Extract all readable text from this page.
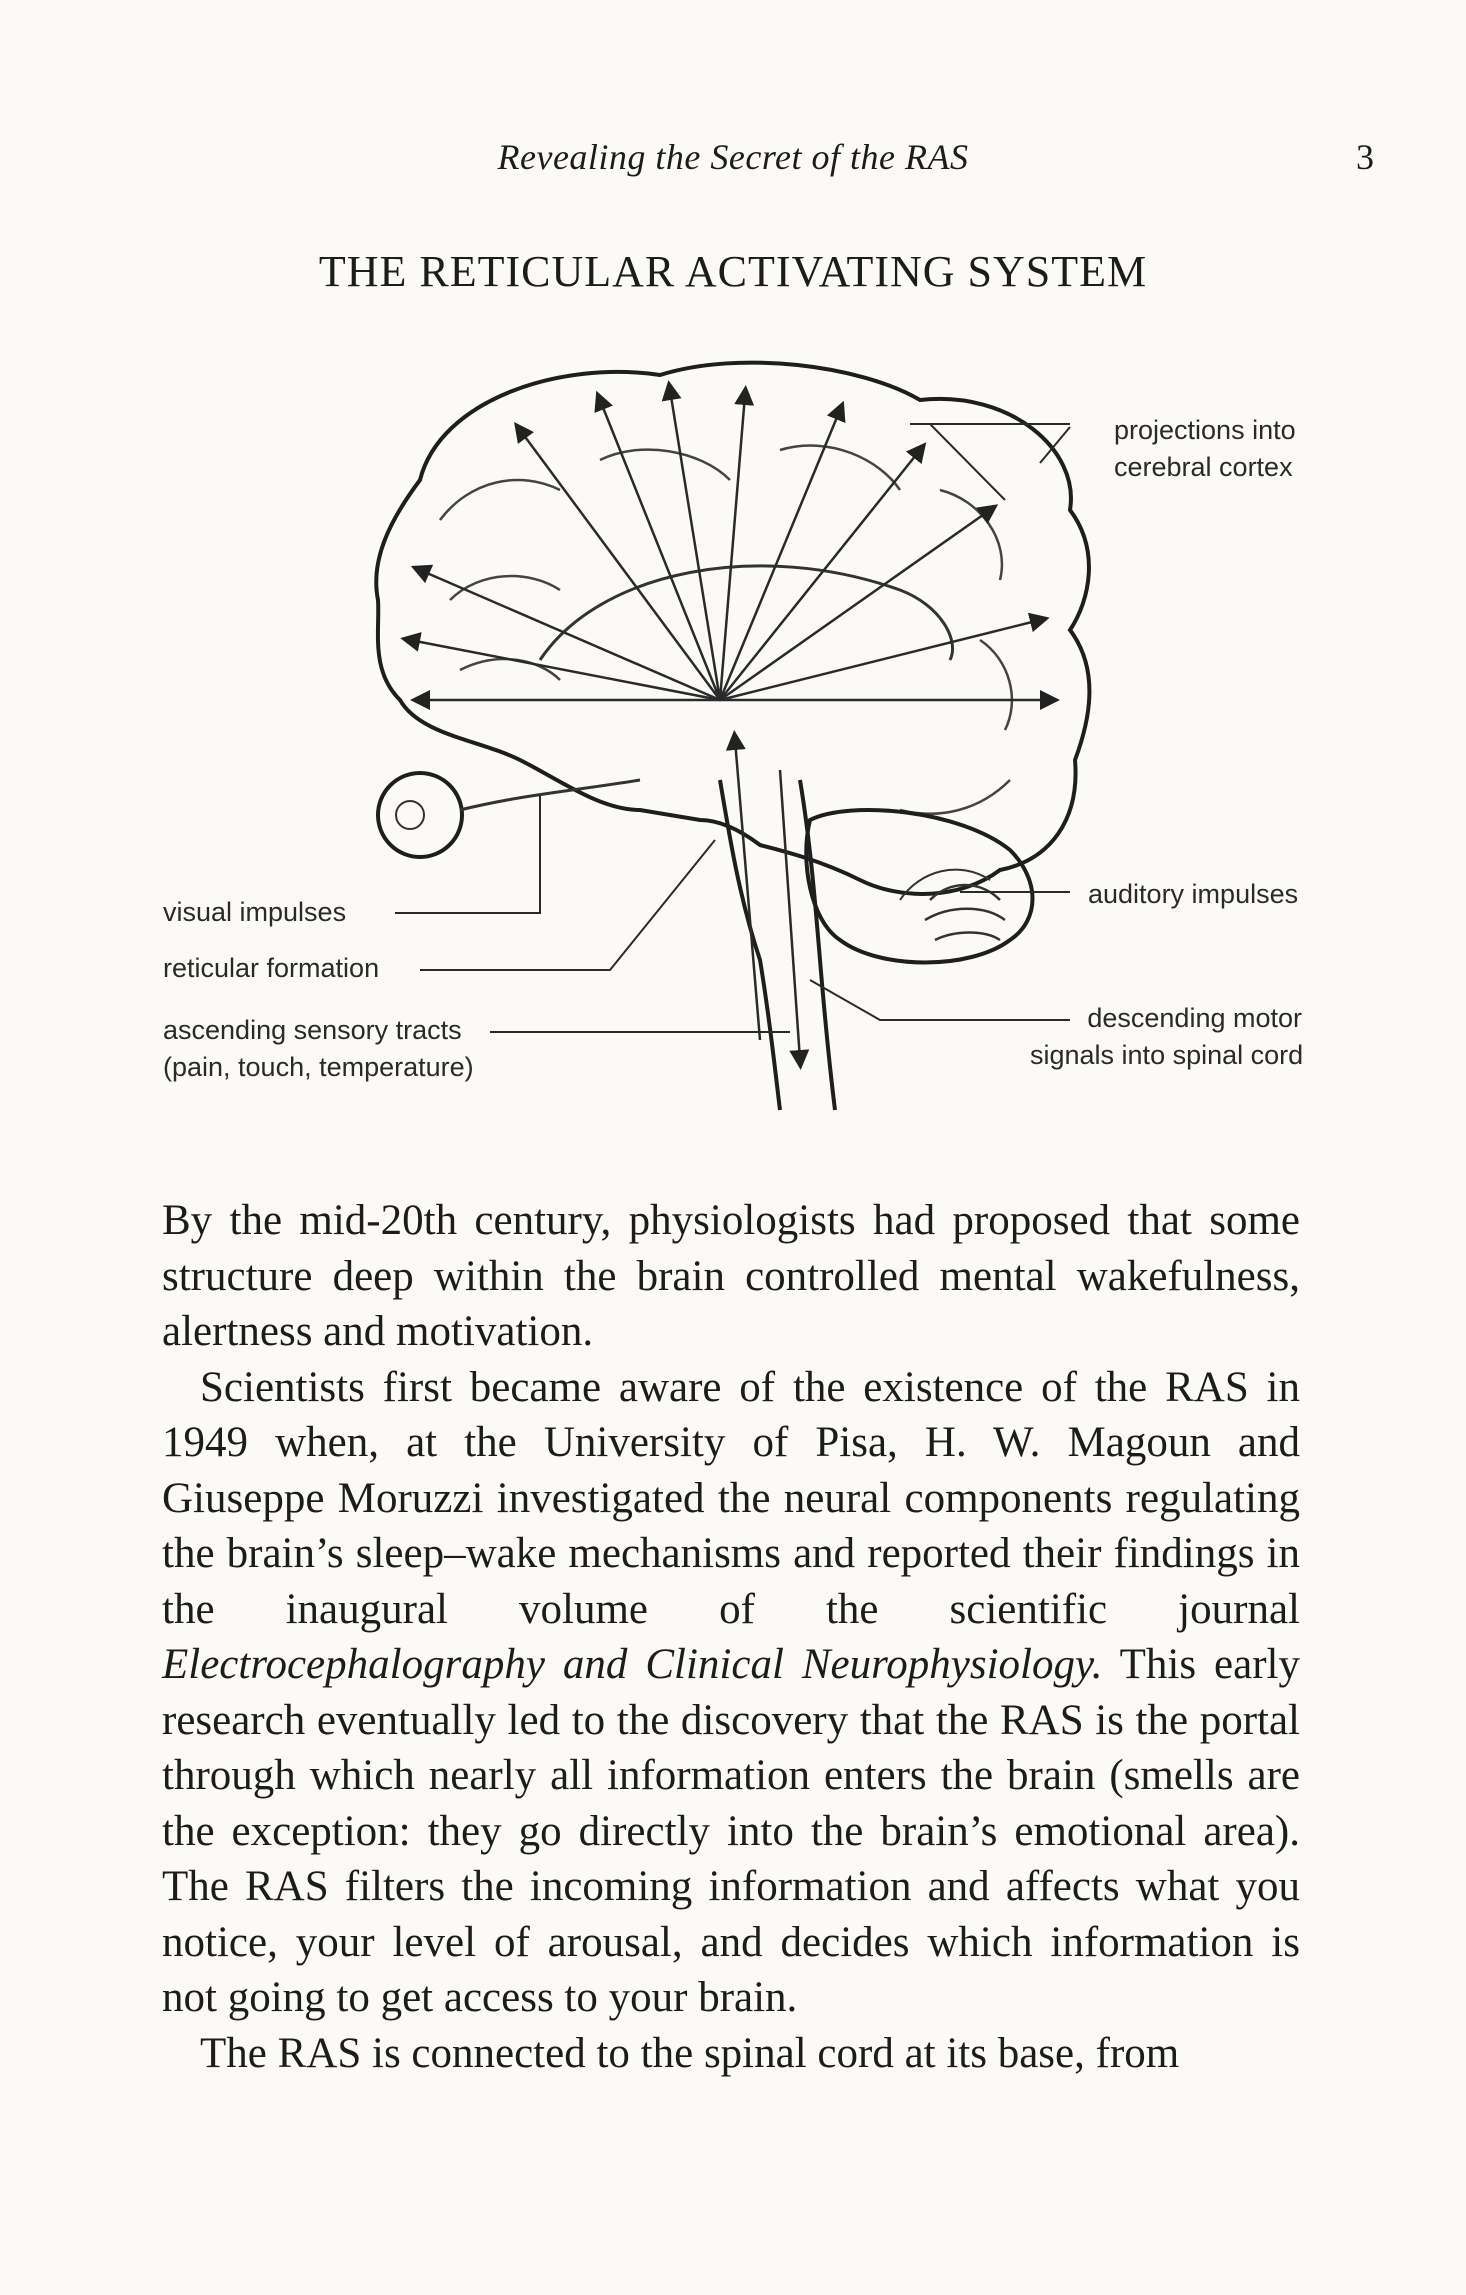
Revealing the Secret of the RAS	3
THE RETICULAR ACTIVATING SYSTEM
projections into
cerebral cortex
visual impulses
reticular formation
ascending sensory tracts
(pain, touch, temperature)
auditory impulses
descending motor
signals into spinal cord

By the mid-20th century, physiologists had proposed that some structure deep within the brain controlled mental wakefulness, alertness and motivation.

Scientists first became aware of the existence of the RAS in 1949 when, at the University of Pisa, H. W. Magoun and Giuseppe Moruzzi investigated the neural components regulating the brain’s sleep–wake mechanisms and reported their findings in the inaugural volume of the scientific journal Electrocephalography and Clinical Neurophysiology. This early research eventually led to the discovery that the RAS is the portal through which nearly all information enters the brain (smells are the exception: they go directly into the brain’s emotional area). The RAS filters the incoming information and affects what you notice, your level of arousal, and decides which information is not going to get access to your brain.

The RAS is connected to the spinal cord at its base, from
